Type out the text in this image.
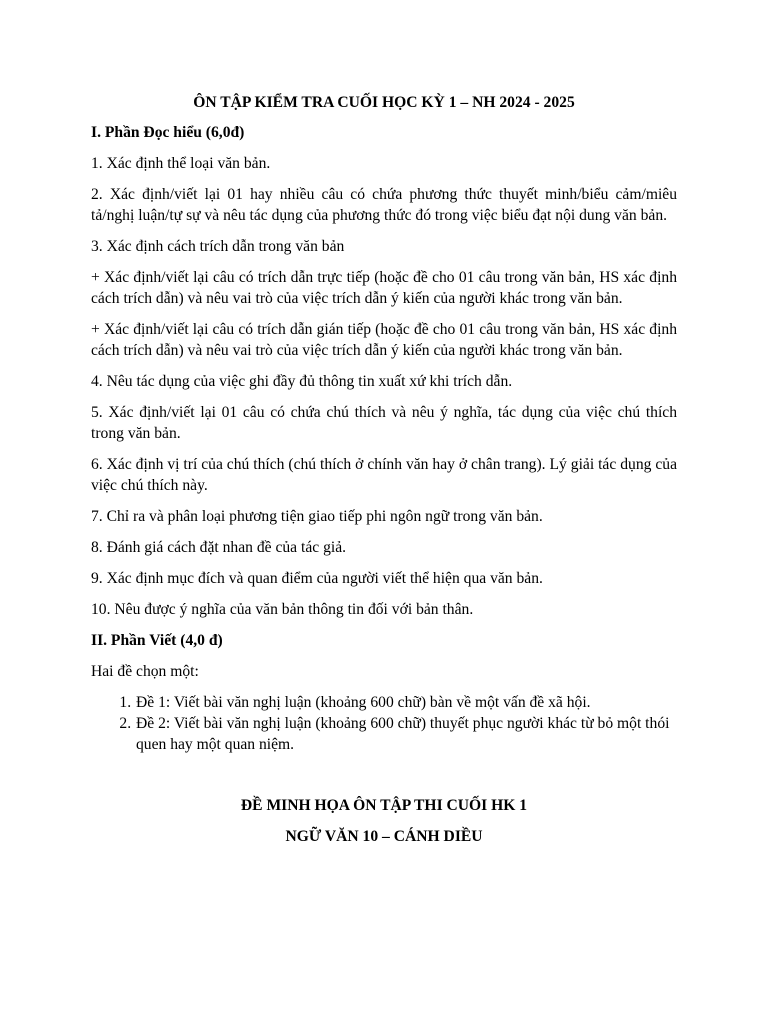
ÔN TẬP KIỂM TRA CUỐI HỌC KỲ 1 – NH 2024 - 2025

I. Phần Đọc hiểu (6,0đ)

1. Xác định thể loại văn bản.

2. Xác định/viết lại 01 hay nhiều câu có chứa phương thức thuyết minh/biểu cảm/miêu tả/nghị luận/tự sự và nêu tác dụng của phương thức đó trong việc biểu đạt nội dung văn bản.

3. Xác định cách trích dẫn trong văn bản

+ Xác định/viết lại câu có trích dẫn trực tiếp (hoặc đề cho 01 câu trong văn bản, HS xác định cách trích dẫn) và nêu vai trò của việc trích dẫn ý kiến của người khác trong văn bản.

+ Xác định/viết lại câu có trích dẫn gián tiếp (hoặc đề cho 01 câu trong văn bản, HS xác định cách trích dẫn) và nêu vai trò của việc trích dẫn ý kiến của người khác trong văn bản.

4. Nêu tác dụng của việc ghi đầy đủ thông tin xuất xứ khi trích dẫn.

5. Xác định/viết lại 01 câu có chứa chú thích và nêu ý nghĩa, tác dụng của việc chú thích trong văn bản.

6. Xác định vị trí của chú thích (chú thích ở chính văn hay ở chân trang). Lý giải tác dụng của việc chú thích này.

7. Chỉ ra và phân loại phương tiện giao tiếp phi ngôn ngữ trong văn bản.

8. Đánh giá cách đặt nhan đề của tác giả.

9. Xác định mục đích và quan điểm của người viết thể hiện qua văn bản.

10. Nêu được ý nghĩa của văn bản thông tin đối với bản thân.

II. Phần Viết (4,0 đ)

Hai đề chọn một:

1. Đề 1: Viết bài văn nghị luận (khoảng 600 chữ) bàn về một vấn đề xã hội.
2. Đề 2: Viết bài văn nghị luận (khoảng 600 chữ) thuyết phục người khác từ bỏ một thói quen hay một quan niệm.

ĐỀ MINH HỌA ÔN TẬP THI CUỐI HK 1

NGỮ VĂN 10 – CÁNH DIỀU
